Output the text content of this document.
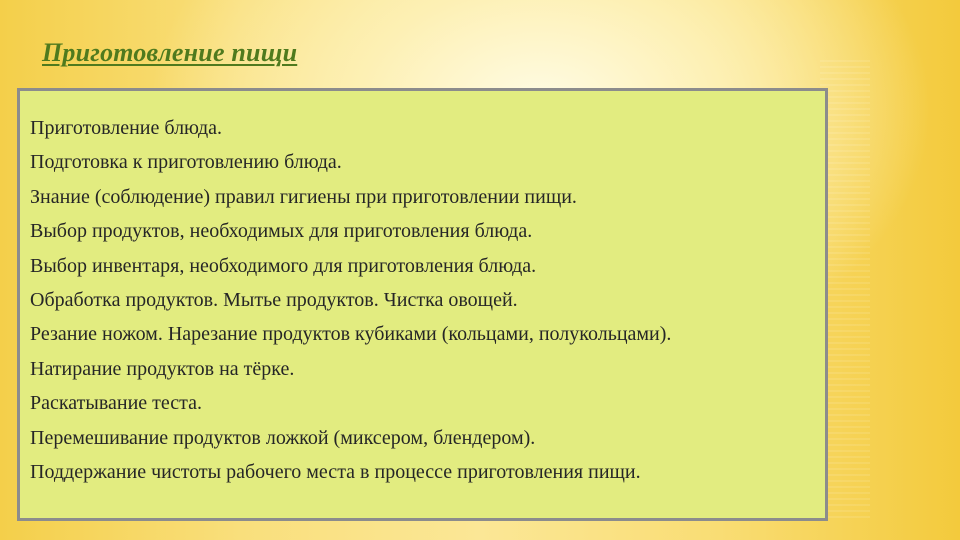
Приготовление пищи
Приготовление блюда.
Подготовка к приготовлению блюда.
Знание (соблюдение) правил гигиены при приготовлении пищи.
Выбор продуктов, необходимых для приготовления блюда.
Выбор инвентаря, необходимого для приготовления блюда.
Обработка продуктов. Мытье продуктов. Чистка овощей.
Резание ножом. Нарезание продуктов кубиками (кольцами, полукольцами).
Натирание продуктов на тёрке.
Раскатывание теста.
Перемешивание продуктов ложкой (миксером, блендером).
Поддержание чистоты рабочего места в процессе приготовления пищи.
